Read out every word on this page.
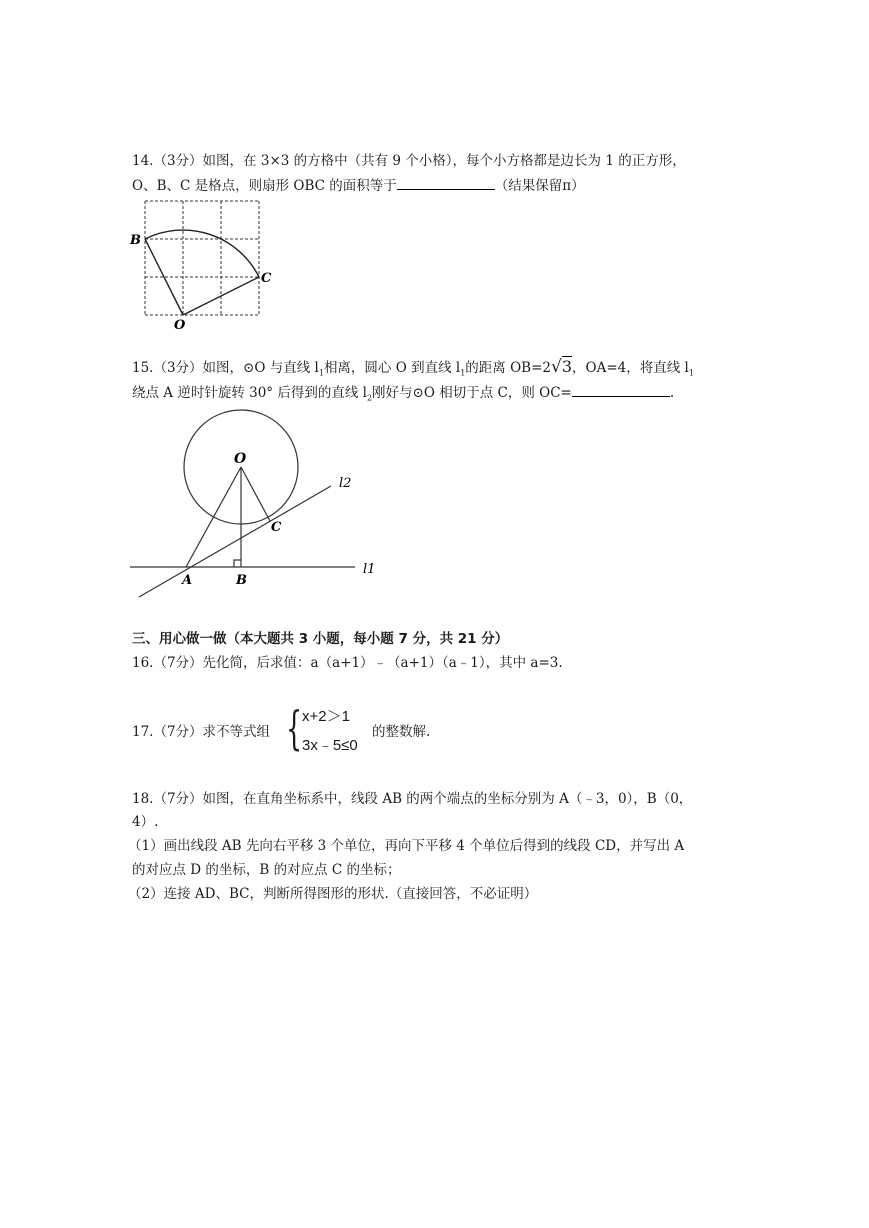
14.（3分）如图，在 3×3 的方格中（共有 9 个小格），每个小方格都是边长为 1 的正方形，
O、B、C 是格点，则扇形 OBC 的面积等于	（结果保留π）
B
C
O
15.（3分）如图，⊙O 与直线 $l_1$相离，圆心 O 到直线 $l_1$的距离 OB=2√3，OA=4，将直线 $l_1$
绕点 A 逆时针旋转 30° 后得到的直线 $l_2$刚好与⊙O 相切于点 C，则 OC=	.
O
C
A	B
l2
l1
三、用心做一做（本大题共 3 小题，每小题 7 分，共 21 分）
16.（7分）先化简，后求值：a（a+1）﹣（a+1）（a﹣1），其中 a=3.
17.（7分）求不等式组 { x+2＞1
3x﹣5≤0
的整数解.
18.（7分）如图，在直角坐标系中，线段 AB 的两个端点的坐标分别为 A（﹣3，0），B（0，
4）.
（1）画出线段 AB 先向右平移 3 个单位，再向下平移 4 个单位后得到的线段 CD，并写出 A
的对应点 D 的坐标，B 的对应点 C 的坐标；
（2）连接 AD、BC，判断所得图形的形状.（直接回答，不必证明）
